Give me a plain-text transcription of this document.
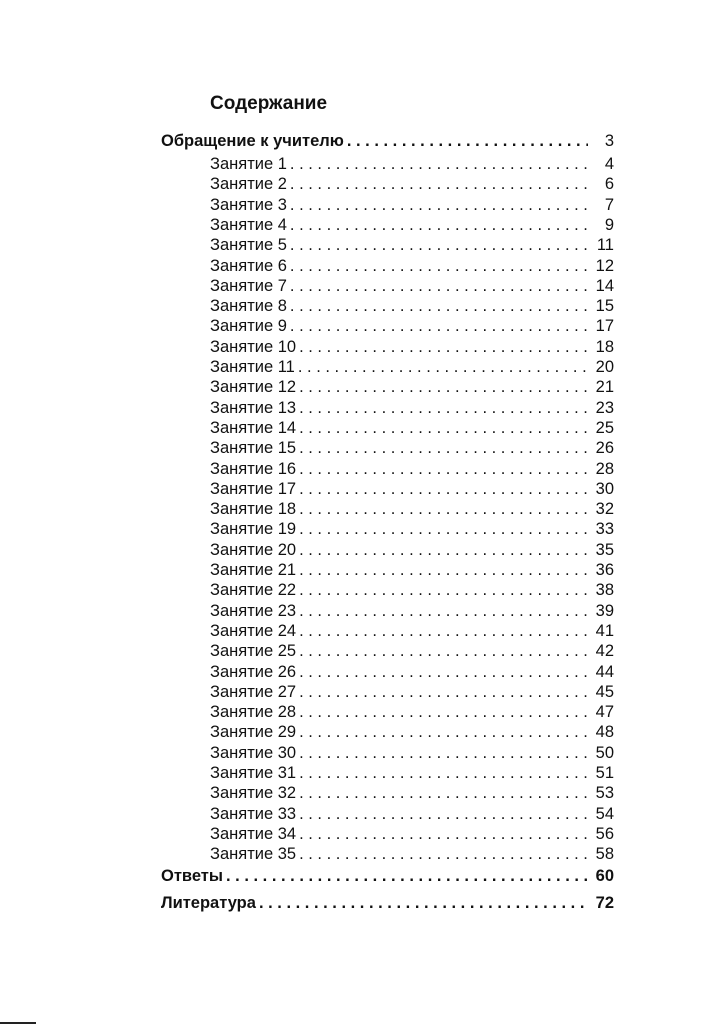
Содержание
Обращение к учителю . . .	3
Занятие 1 . . .	4
Занятие 2 . . .	6
Занятие 3 . . .	7
Занятие 4 . . .	9
Занятие 5 . . .	11
Занятие 6 . . .	12
Занятие 7 . . .	14
Занятие 8 . . .	15
Занятие 9 . . .	17
Занятие 10 . . .	18
Занятие 11 . . .	20
Занятие 12 . . .	21
Занятие 13 . . .	23
Занятие 14 . . .	25
Занятие 15 . . .	26
Занятие 16 . . .	28
Занятие 17 . . .	30
Занятие 18 . . .	32
Занятие 19 . . .	33
Занятие 20 . . .	35
Занятие 21 . . .	36
Занятие 22 . . .	38
Занятие 23 . . .	39
Занятие 24 . . .	41
Занятие 25 . . .	42
Занятие 26 . . .	44
Занятие 27 . . .	45
Занятие 28 . . .	47
Занятие 29 . . .	48
Занятие 30 . . .	50
Занятие 31 . . .	51
Занятие 32 . . .	53
Занятие 33 . . .	54
Занятие 34 . . .	56
Занятие 35 . . .	58
Ответы . . .	60
Литература . . .	72
